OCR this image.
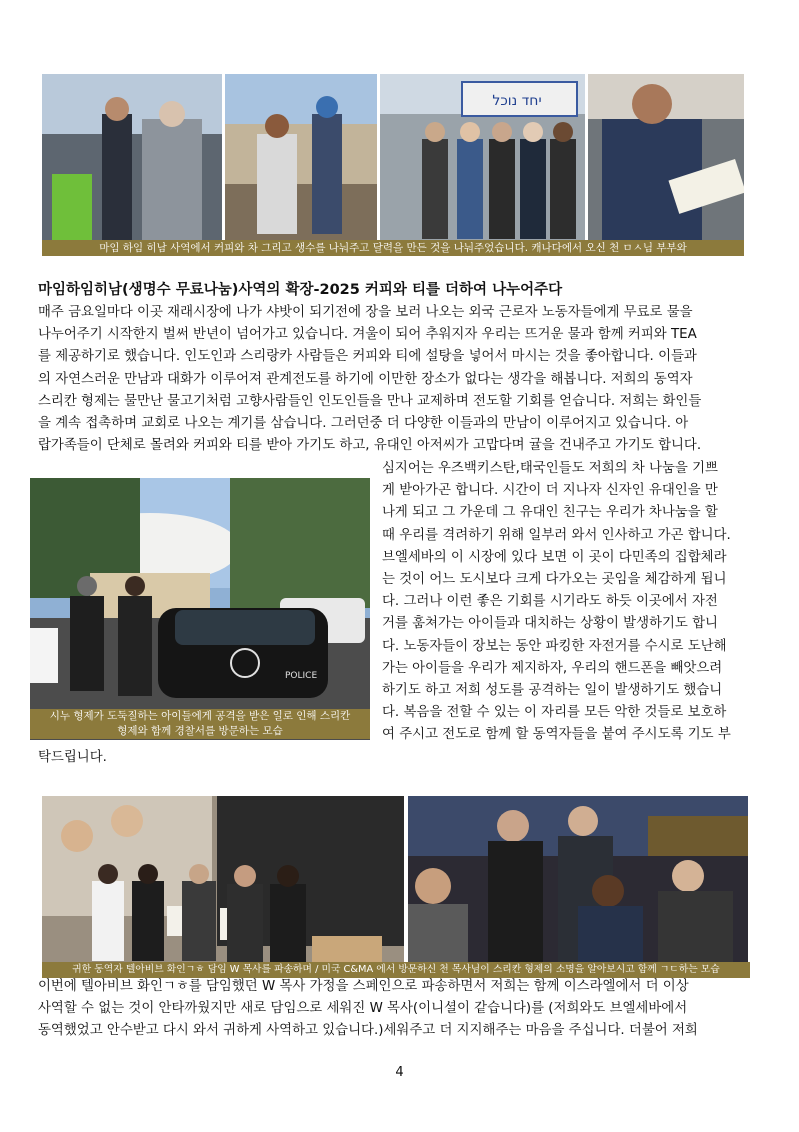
יחד נוכל
마임 하임 히남 사역에서 커피와 차 그리고 생수를 나눠주고 달력을 만든 것을 나눠주었습니다. 캐나다에서 오신 천 ㅁㅅ님 부부와
마임하임히남(생명수 무료나눔)사역의 확장-2025 커피와 티를 더하여 나누어주다
매주 금요일마다 이곳 재래시장에 나가 샤밧이 되기전에 장을 보러 나오는 외국 근로자 노동자들에게 무료로 물을
나누어주기 시작한지 벌써 반년이 넘어가고 있습니다. 겨울이 되어 추워지자 우리는 뜨거운 물과 함께 커피와 TEA
를 제공하기로 했습니다. 인도인과 스리랑카 사람들은 커피와 티에 설탕을 넣어서 마시는 것을 좋아합니다. 이들과
의 자연스러운 만남과 대화가 이루어져 관계전도를 하기에 이만한 장소가 없다는 생각을 해봅니다. 저희의 동역자
스리칸 형제는 물만난 물고기처럼 고향사람들인 인도인들을 만나 교제하며 전도할 기회를 얻습니다. 저희는 화인들
을 계속 접촉하며 교회로 나오는 계기를 삼습니다. 그러던중 더 다양한 이들과의 만남이 이루어지고 있습니다. 아
랍가족들이 단체로 몰려와 커피와 티를 받아 가기도 하고, 유대인 아저씨가 고맙다며 귤을 건내주고 가기도 합니다.
POLICE
시누 형제가 도둑질하는 아이들에게 공격을 받은 일로 인해 스리칸
형제와 함께 경찰서를 방문하는 모습
심지어는 우즈백키스탄,태국인들도 저희의 차 나눔을 기쁘
게 받아가곤 합니다. 시간이 더 지나자 신자인 유대인을 만
나게 되고 그 가운데 그 유대인 친구는 우리가 차나눔을 할
때 우리를 격려하기 위해 일부러 와서 인사하고 가곤 합니다.
브엘세바의 이 시장에 있다 보면 이 곳이 다민족의 집합체라
는 것이 어느 도시보다 크게 다가오는 곳임을 체감하게 됩니
다. 그러나 이런 좋은 기회를 시기라도 하듯 이곳에서 자전
거를 훔쳐가는 아이들과 대치하는 상황이 발생하기도 합니
다. 노동자들이 장보는 동안 파킹한 자전거를 수시로 도난해
가는 아이들을 우리가 제지하자, 우리의 핸드폰을 빼앗으려
하기도 하고 저희 성도를 공격하는 일이 발생하기도 했습니
다. 복음을 전할 수 있는 이 자리를 모든 악한 것들로 보호하
여 주시고 전도로 함께 할 동역자들을 붙여 주시도록 기도 부
탁드립니다.
귀한 동역자 텔아비브 화인ㄱㅎ 담임 W 목사를 파송하며 / 미국 C&MA 에서 방문하신 천 목사님이 스리칸 형제의 소명을 알아보시고 함께 ㄱㄷ하는 모습
이번에 텔아비브 화인ㄱㅎ를 담임했던 W 목사 가정을 스페인으로 파송하면서 저희는 함께 이스라엘에서 더 이상
사역할 수 없는 것이 안타까웠지만 새로 담임으로 세워진 W 목사(이니셜이 같습니다)를 (저희와도 브엘세바에서
동역했었고 안수받고 다시 와서 귀하게 사역하고 있습니다.)세워주고 더 지지해주는 마음을 주십니다. 더불어 저희
4
